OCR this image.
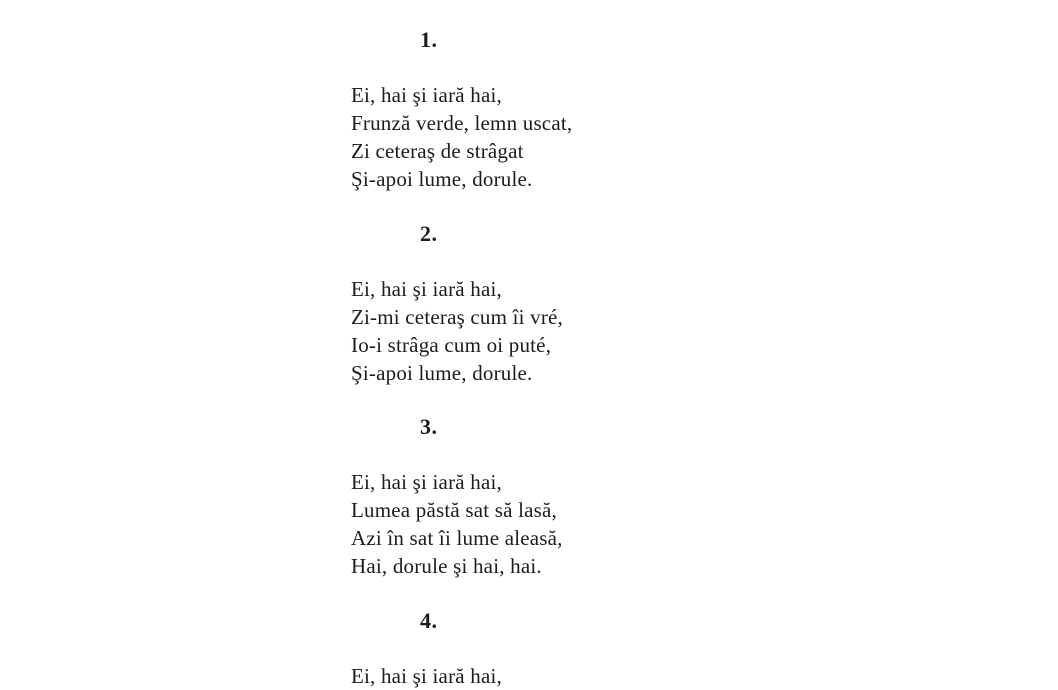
1.

Ei, hai şi iară hai,

Frunză verde, lemn uscat,

Zi ceteraş de strâgat

Şi-apoi lume, dorule.

2.

Ei, hai şi iară hai,

Zi-mi ceteraş cum îi vré,

Io-i strâga cum oi puté,

Şi-apoi lume, dorule.

3.

Ei, hai şi iară hai,

Lumea păstă sat să lasă,

Azi în sat îi lume aleasă,

Hai, dorule şi hai, hai.

4.

Ei, hai şi iară hai,
